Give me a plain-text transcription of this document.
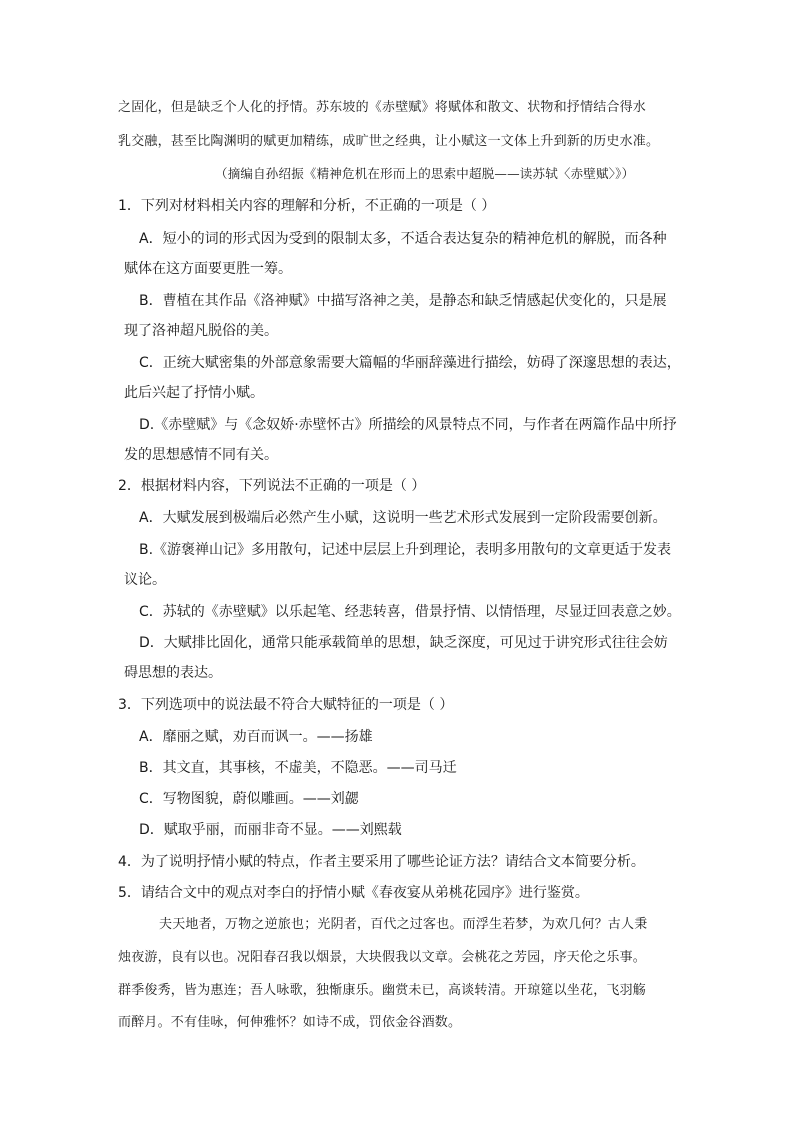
之固化，但是缺乏个人化的抒情。苏东坡的《赤壁赋》将赋体和散文、状物和抒情结合得水
乳交融，甚至比陶渊明的赋更加精练，成旷世之经典，让小赋这一文体上升到新的历史水准。
（摘编自孙绍振《精神危机在形而上的思索中超脱——读苏轼〈赤壁赋〉》）
1．下列对材料相关内容的理解和分析，不正确的一项是（ ）
A．短小的词的形式因为受到的限制太多，不适合表达复杂的精神危机的解脱，而各种
赋体在这方面要更胜一筹。
B．曹植在其作品《洛神赋》中描写洛神之美，是静态和缺乏情感起伏变化的，只是展
现了洛神超凡脱俗的美。
C．正统大赋密集的外部意象需要大篇幅的华丽辞藻进行描绘，妨碍了深邃思想的表达，
此后兴起了抒情小赋。
D.《赤壁赋》与《念奴娇·赤壁怀古》所描绘的风景特点不同，与作者在两篇作品中所抒
发的思想感情不同有关。
2．根据材料内容，下列说法不正确的一项是（ ）
A．大赋发展到极端后必然产生小赋，这说明一些艺术形式发展到一定阶段需要创新。
B.《游褒禅山记》多用散句，记述中层层上升到理论，表明多用散句的文章更适于发表
议论。
C．苏轼的《赤壁赋》以乐起笔、经悲转喜，借景抒情、以情悟理，尽显迂回表意之妙。
D．大赋排比固化，通常只能承载简单的思想，缺乏深度，可见过于讲究形式往往会妨
碍思想的表达。
3．下列选项中的说法最不符合大赋特征的一项是（ ）
A．靡丽之赋，劝百而讽一。——扬雄
B．其文直，其事核，不虚美，不隐恶。——司马迁
C．写物图貌，蔚似雕画。——刘勰
D．赋取乎丽，而丽非奇不显。——刘熙载
4．为了说明抒情小赋的特点，作者主要采用了哪些论证方法？请结合文本简要分析。
5．请结合文中的观点对李白的抒情小赋《春夜宴从弟桃花园序》进行鉴赏。
夫天地者，万物之逆旅也；光阴者，百代之过客也。而浮生若梦，为欢几何？古人秉
烛夜游，良有以也。况阳春召我以烟景，大块假我以文章。会桃花之芳园，序天伦之乐事。
群季俊秀，皆为惠连；吾人咏歌，独惭康乐。幽赏未已，高谈转清。开琼筵以坐花，飞羽觞
而醉月。不有佳咏，何伸雅怀？如诗不成，罚依金谷酒数。
